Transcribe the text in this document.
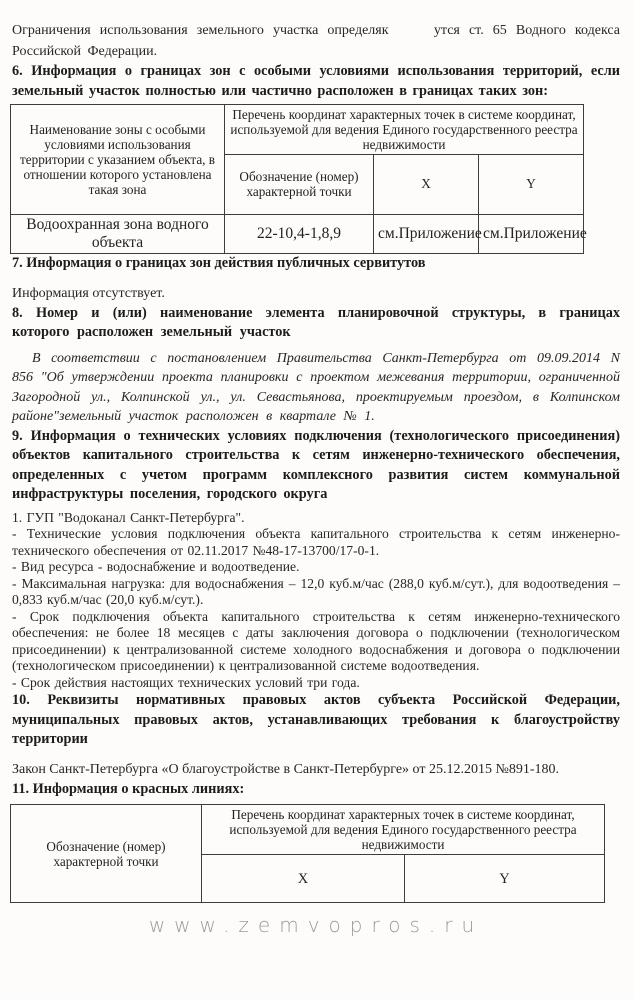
Ограничения использования земельного участка определяк     утся ст. 65 Водного кодекса Российской Федерации.

6. Информация о границах зон с особыми условиями использования территорий, если земельный участок полностью или частично расположен в границах таких зон:
Наименование зоны с особыми условиями использования территории с указанием объекта, в отношении которого установлена такая зона	Перечень координат характерных точек в системе координат, используемой для ведения Единого государственного реестра недвижимости		
	Обозначение (номер) характерной точки	X	Y
Водоохранная зона водного объекта	22-10,4-1,8,9	см.Приложение	см.Приложение
7. Информация о границах зон действия публичных сервитутов

Информация отсутствует.

8. Номер и (или) наименование элемента планировочной структуры, в границах которого расположен земельный участок

В соответствии с постановлением Правительства Санкт-Петербурга от 09.09.2014 N 856 "Об утверждении проекта планировки с проектом межевания территории, ограниченной Загородной ул., Колпинской ул., ул. Севастьянова, проектируемым проездом, в Колпинском районе"земельный участок расположен в квартале № 1.

9. Информация о технических условиях подключения (технологического присоединения) объектов капитального строительства к сетям инженерно-технического обеспечения, определенных с учетом программ комплексного развития систем коммунальной инфраструктуры поселения, городского округа

1. ГУП "Водоканал Санкт-Петербурга".

- Технические условия подключения объекта капитального строительства к сетям инженерно-технического обеспечения от 02.11.2017 №48-17-13700/17-0-1.

- Вид ресурса - водоснабжение и водоотведение.

- Максимальная нагрузка: для водоснабжения – 12,0 куб.м/час (288,0 куб.м/сут.), для водоотведения – 0,833 куб.м/час (20,0 куб.м/сут.).

- Срок подключения объекта капитального строительства к сетям инженерно-технического обеспечения: не более 18 месяцев с даты заключения договора о подключении (технологическом присоединении) к централизованной системе холодного водоснабжения и договора о подключении (технологическом присоединении) к централизованной системе водоотведения.

- Срок действия настоящих технических условий три года.

10. Реквизиты нормативных правовых актов субъекта Российской Федерации, муниципальных правовых актов, устанавливающих требования к благоустройству территории

Закон Санкт-Петербурга «О благоустройстве в Санкт-Петербурге» от 25.12.2015 №891-180.

11. Информация о красных линиях:
Обозначение (номер) характерной точки	Перечень координат характерных точек в системе координат, используемой для ведения Единого государственного реестра недвижимости	
	X	Y
www.zemvopros.ru
